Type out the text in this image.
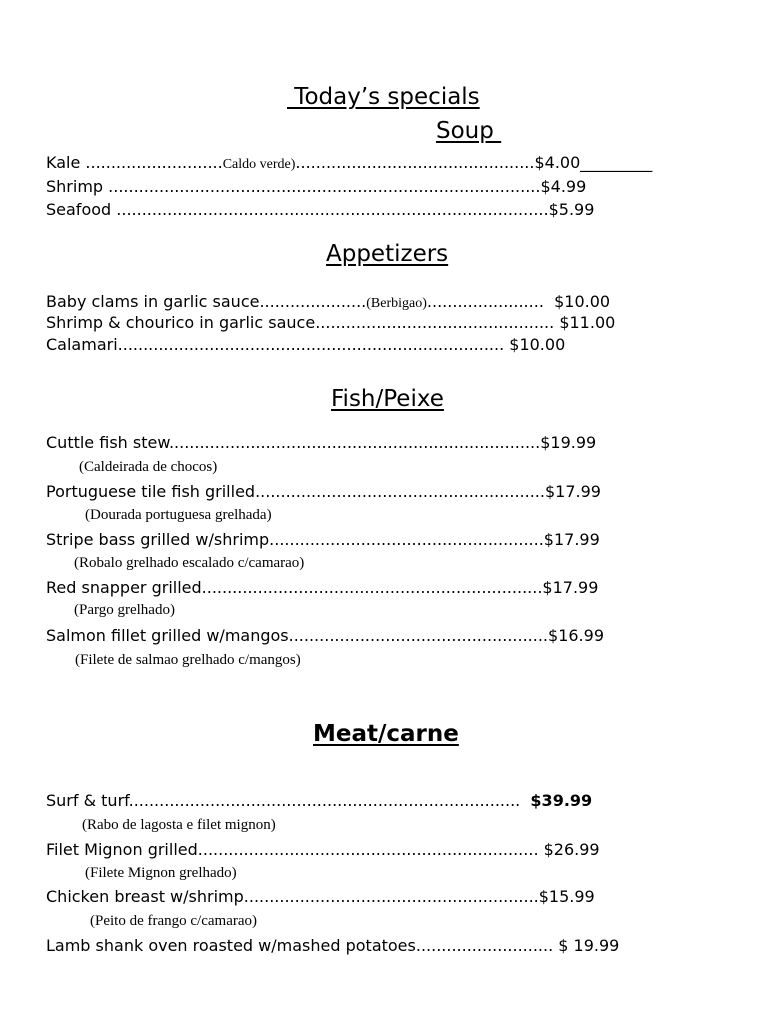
Today’s specials
Soup
Kale ...........................Caldo verde)...............................................$4.00_________
Shrimp .....................................................................................$4.99
Seafood .....................................................................................$5.99
Appetizers
Baby clams in garlic sauce.....................(Berbigao).......................  $10.00
Shrimp & chourico in garlic sauce............................................... $11.00
Calamari............................................................................ $10.00
Fish/Peixe
Cuttle fish stew.........................................................................$19.99
(Caldeirada de chocos)
Portuguese tile fish grilled.........................................................$17.99
(Dourada portuguesa grelhada)
Stripe bass grilled w/shrimp......................................................$17.99
(Robalo grelhado escalado c/camarao)
Red snapper grilled...................................................................$17.99
(Pargo grelhado)
Salmon fillet grilled w/mangos...................................................$16.99
(Filete de salmao grelhado c/mangos)
Meat/carne
Surf & turf.............................................................................  $39.99
(Rabo de lagosta e filet mignon)
Filet Mignon grilled................................................................... $26.99
(Filete Mignon grelhado)
Chicken breast w/shrimp..........................................................$15.99
(Peito de frango c/camarao)
Lamb shank oven roasted w/mashed potatoes........................... $ 19.99
